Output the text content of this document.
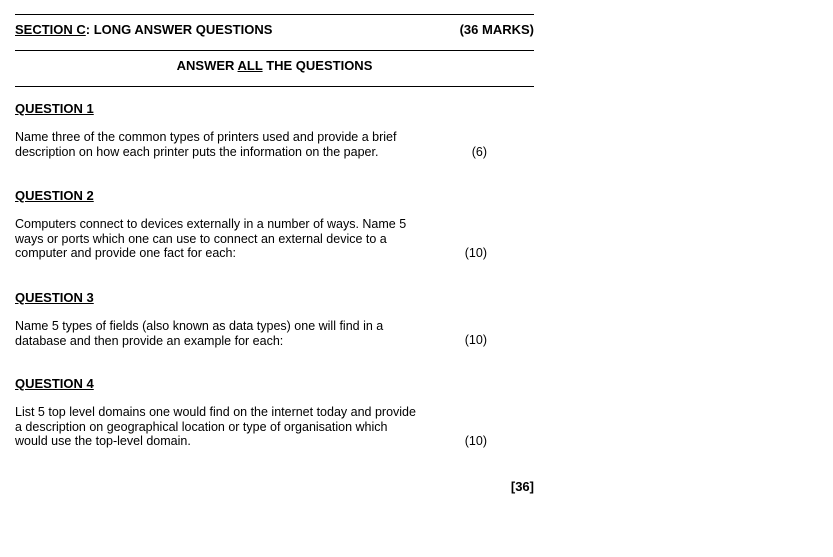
SECTION C: LONG ANSWER QUESTIONS	(36 MARKS)
ANSWER ALL THE QUESTIONS
QUESTION 1
Name three of the common types of printers used and provide a brief
description on how each printer puts the information on the paper.	(6)
QUESTION 2
Computers connect to devices externally in a number of ways. Name 5
ways or ports which one can use to connect an external device to a
computer and provide one fact for each:	(10)
QUESTION 3
Name 5 types of fields (also known as data types) one will find in a
database and then provide an example for each:	(10)
QUESTION 4
List 5 top level domains one would find on the internet today and provide
a description on geographical location or type of organisation which
would use the top-level domain.	(10)
[36]
